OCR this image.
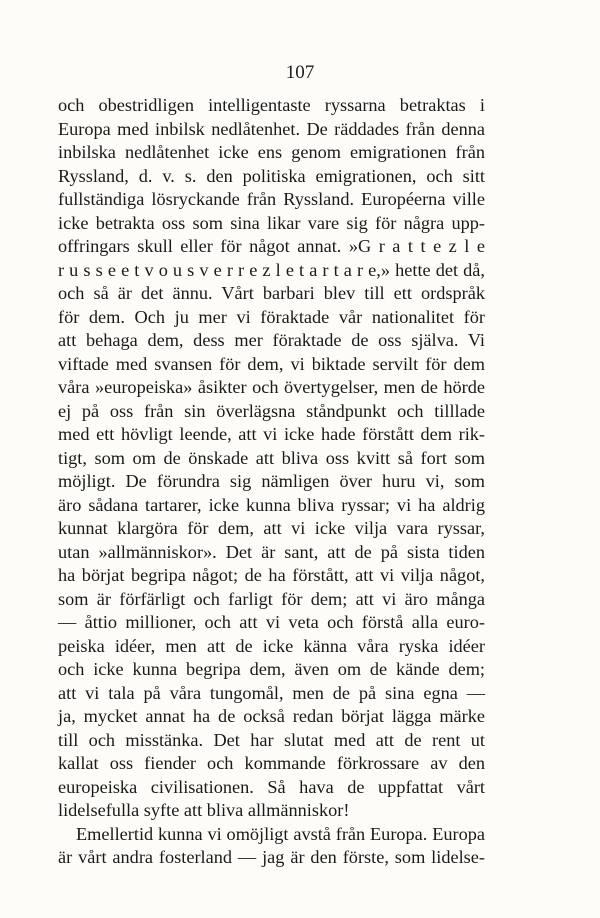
107
och obestridligen intelligentaste ryssarna betraktas i
Europa med inbilsk nedlåtenhet. De räddades från denna
inbilska nedlåtenhet icke ens genom emigrationen från
Ryssland, d. v. s. den politiska emigrationen, och sitt
fullständiga lösryckande från Ryssland. Européerna ville
icke betrakta oss som sina likar vare sig för några upp-
offringars skull eller för något annat. »G r a t t e z l e
r u s s e e t v o u s v e r r e z l e t a r t a r e,» hette det då,
och så är det ännu. Vårt barbari blev till ett ordspråk
för dem. Och ju mer vi föraktade vår nationalitet för
att behaga dem, dess mer föraktade de oss själva. Vi
viftade med svansen för dem, vi biktade servilt för dem
våra »europeiska» åsikter och övertygelser, men de hörde
ej på oss från sin överlägsna ståndpunkt och tilllade
med ett hövligt leende, att vi icke hade förstått dem rik-
tigt, som om de önskade att bliva oss kvitt så fort som
möjligt. De förundra sig nämligen över huru vi, som
äro sådana tartarer, icke kunna bliva ryssar; vi ha aldrig
kunnat klargöra för dem, att vi icke vilja vara ryssar,
utan »allmänniskor». Det är sant, att de på sista tiden
ha börjat begripa något; de ha förstått, att vi vilja något,
som är förfärligt och farligt för dem; att vi äro många
— åttio millioner, och att vi veta och förstå alla euro-
peiska idéer, men att de icke känna våra ryska idéer
och icke kunna begripa dem, även om de kände dem;
att vi tala på våra tungomål, men de på sina egna —
ja, mycket annat ha de också redan börjat lägga märke
till och misstänka. Det har slutat med att de rent ut
kallat oss fiender och kommande förkrossare av den
europeiska civilisationen. Så hava de uppfattat vårt
lidelsefulla syfte att bliva allmänniskor!
Emellertid kunna vi omöjligt avstå från Europa. Europa
är vårt andra fosterland — jag är den förste, som lidelse-
